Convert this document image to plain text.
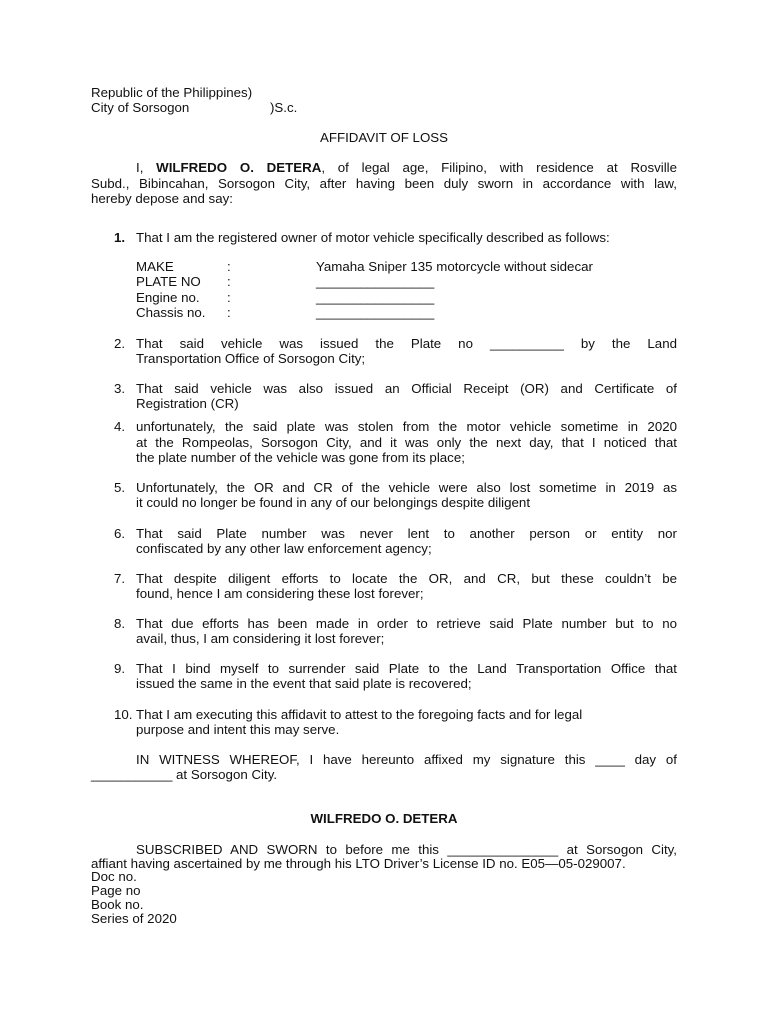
Republic of the Philippines)
City of Sorsogon	)S.c.
AFFIDAVIT OF LOSS
I, WILFREDO O. DETERA, of legal age, Filipino, with residence at Rosville
Subd., Bibincahan, Sorsogon City, after having been duly sworn in accordance with law,
hereby depose and say:
1. That I am the registered owner of motor vehicle specifically described as follows:
MAKE	:	Yamaha Sniper 135 motorcycle without sidecar
PLATE NO :	________________
Engine no. :	________________
Chassis no. :	________________
2. That said vehicle was issued the Plate no __________ by the Land
Transportation Office of Sorsogon City;
3. That said vehicle was also issued an Official Receipt (OR) and Certificate of
Registration (CR)
4. unfortunately, the said plate was stolen from the motor vehicle sometime in 2020
at the Rompeolas, Sorsogon City, and it was only the next day, that I noticed that
the plate number of the vehicle was gone from its place;
5. Unfortunately, the OR and CR of the vehicle were also lost sometime in 2019 as
it could no longer be found in any of our belongings despite diligent
6. That said Plate number was never lent to another person or entity nor
confiscated by any other law enforcement agency;
7. That despite diligent efforts to locate the OR, and CR, but these couldn’t be
found, hence I am considering these lost forever;
8. That due efforts has been made in order to retrieve said Plate number but to no
avail, thus, I am considering it lost forever;
9. That I bind myself to surrender said Plate to the Land Transportation Office that
issued the same in the event that said plate is recovered;
10. That I am executing this affidavit to attest to the foregoing facts and for legal
purpose and intent this may serve.
IN WITNESS WHEREOF, I have hereunto affixed my signature this ____ day of
___________ at Sorsogon City.
WILFREDO O. DETERA
SUBSCRIBED AND SWORN to before me this _______________ at Sorsogon City,
affiant having ascertained by me through his LTO Driver’s License ID no. E05—05-029007.
Doc no.
Page no
Book no.
Series of 2020
